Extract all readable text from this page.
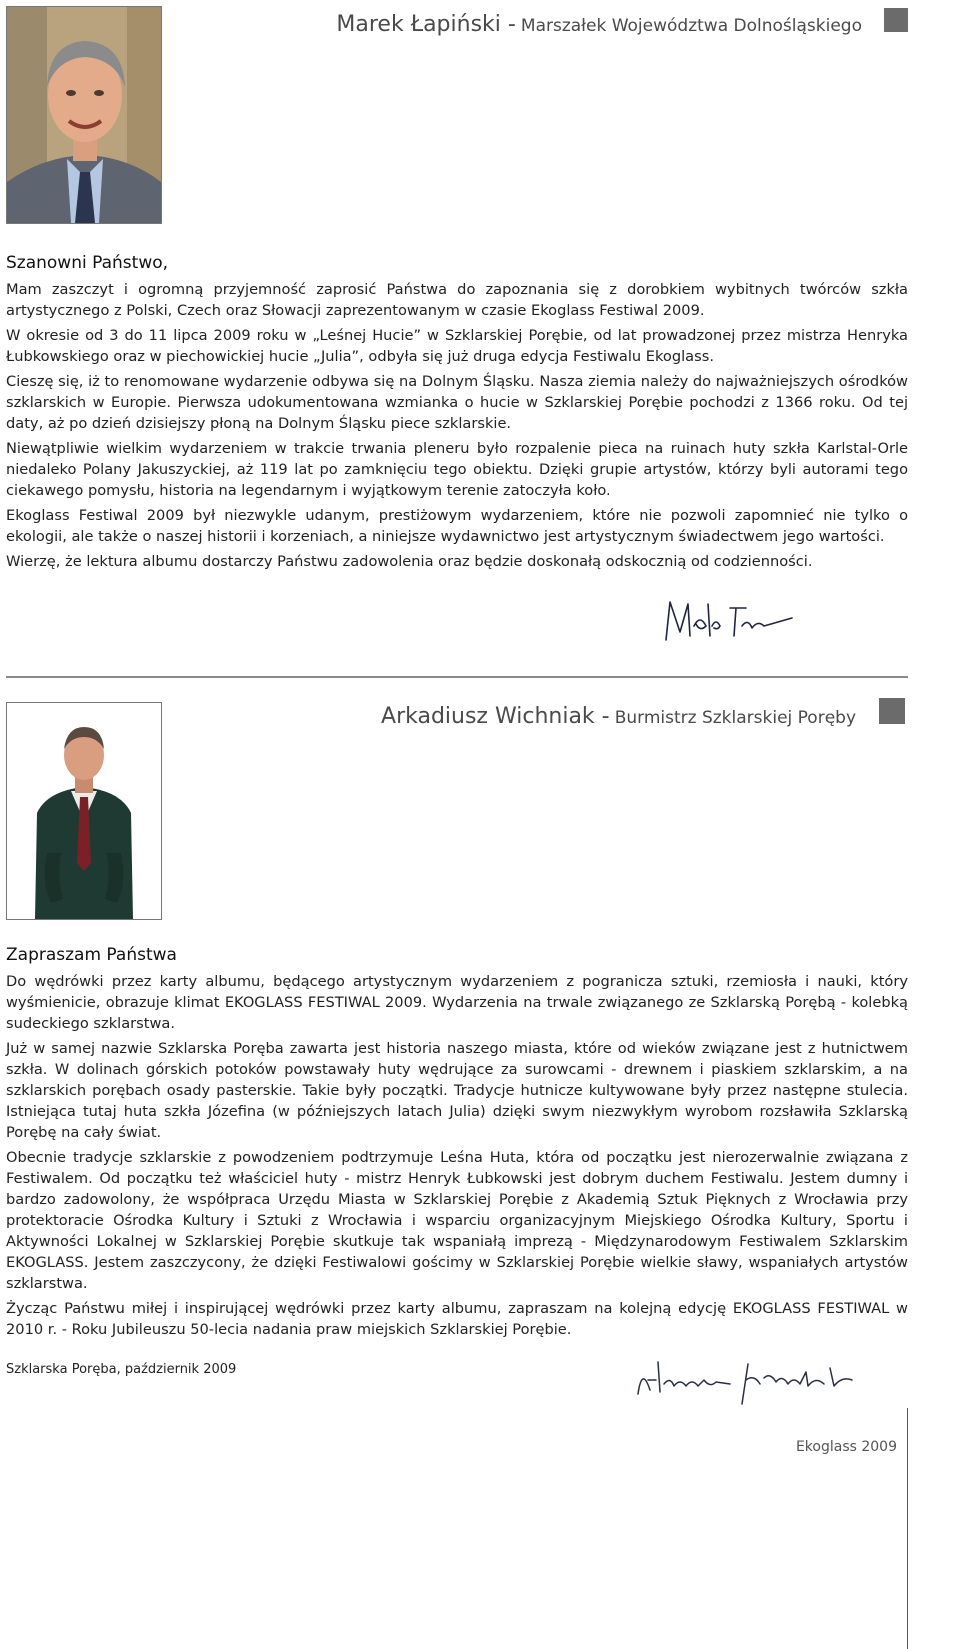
Marek Łapiński - Marszałek Województwa Dolnośląskiego
Szanowni Państwo,

Mam zaszczyt i ogromną przyjemność zaprosić Państwa do zapoznania się z dorobkiem wybitnych twórców szkła artystycznego z Polski, Czech oraz Słowacji zaprezentowanym w czasie Ekoglass Festiwal 2009.

W okresie od 3 do 11 lipca 2009 roku w „Leśnej Hucie” w Szklarskiej Porębie, od lat prowadzonej przez mistrza Henryka Łubkowskiego oraz w piechowickiej hucie „Julia”, odbyła się już druga edycja Festiwalu Ekoglass.

Cieszę się, iż to renomowane wydarzenie odbywa się na Dolnym Śląsku. Nasza ziemia należy do najważniejszych ośrodków szklarskich w Europie. Pierwsza udokumentowana wzmianka o hucie w Szklarskiej Porębie pochodzi z 1366 roku. Od tej daty, aż po dzień dzisiejszy płoną na Dolnym Śląsku piece szklarskie.

Niewątpliwie wielkim wydarzeniem w trakcie trwania pleneru było rozpalenie pieca na ruinach huty szkła Karlstal-Orle niedaleko Polany Jakuszyckiej, aż 119 lat po zamknięciu tego obiektu. Dzięki grupie artystów, którzy byli autorami tego ciekawego pomysłu, historia na legendarnym i wyjątkowym terenie zatoczyła koło.

Ekoglass Festiwal 2009 był niezwykle udanym, prestiżowym wydarzeniem, które nie pozwoli zapomnieć nie tylko o ekologii, ale także o naszej historii i korzeniach, a niniejsze wydawnictwo jest artystycznym świadectwem jego wartości.

Wierzę, że lektura albumu dostarczy Państwu zadowolenia oraz będzie doskonałą odskocznią od codzienności.

Arkadiusz Wichniak - Burmistrz Szklarskiej Poręby
Zapraszam Państwa

Do wędrówki przez karty albumu, będącego artystycznym wydarzeniem z pogranicza sztuki, rzemiosła i nauki, który wyśmienicie, obrazuje klimat EKOGLASS FESTIWAL 2009. Wydarzenia na trwale związanego ze Szklarską Porębą - kolebką sudeckiego szklarstwa.

Już w samej nazwie Szklarska Poręba zawarta jest historia naszego miasta, które od wieków związane jest z hutnictwem szkła. W dolinach górskich potoków powstawały huty wędrujące za surowcami - drewnem i piaskiem szklarskim, a na szklarskich porębach osady pasterskie. Takie były początki. Tradycje hutnicze kultywowane były przez następne stulecia. Istniejąca tutaj huta szkła Józefina (w późniejszych latach Julia) dzięki swym niezwykłym wyrobom rozsławiła Szklarską Porębę na cały świat.

Obecnie tradycje szklarskie z powodzeniem podtrzymuje Leśna Huta, która od początku jest nierozerwalnie związana z Festiwalem. Od początku też właściciel huty - mistrz Henryk Łubkowski jest dobrym duchem Festiwalu. Jestem dumny i bardzo zadowolony, że współpraca Urzędu Miasta w Szklarskiej Porębie z Akademią Sztuk Pięknych z Wrocławia przy protektoracie Ośrodka Kultury i Sztuki z Wrocławia i wsparciu organizacyjnym Miejskiego Ośrodka Kultury, Sportu i Aktywności Lokalnej w Szklarskiej Porębie skutkuje tak wspaniałą imprezą - Międzynarodowym Festiwalem Szklarskim EKOGLASS. Jestem zaszczycony, że dzięki Festiwalowi gościmy w Szklarskiej Porębie wielkie sławy, wspaniałych artystów szklarstwa.

Życząc Państwu miłej i inspirującej wędrówki przez karty albumu, zapraszam na kolejną edycję EKOGLASS FESTIWAL w 2010 r. - Roku Jubileuszu 50-lecia nadania praw miejskich Szklarskiej Porębie.

Szklarska Poręba, październik 2009
Ekoglass 2009
